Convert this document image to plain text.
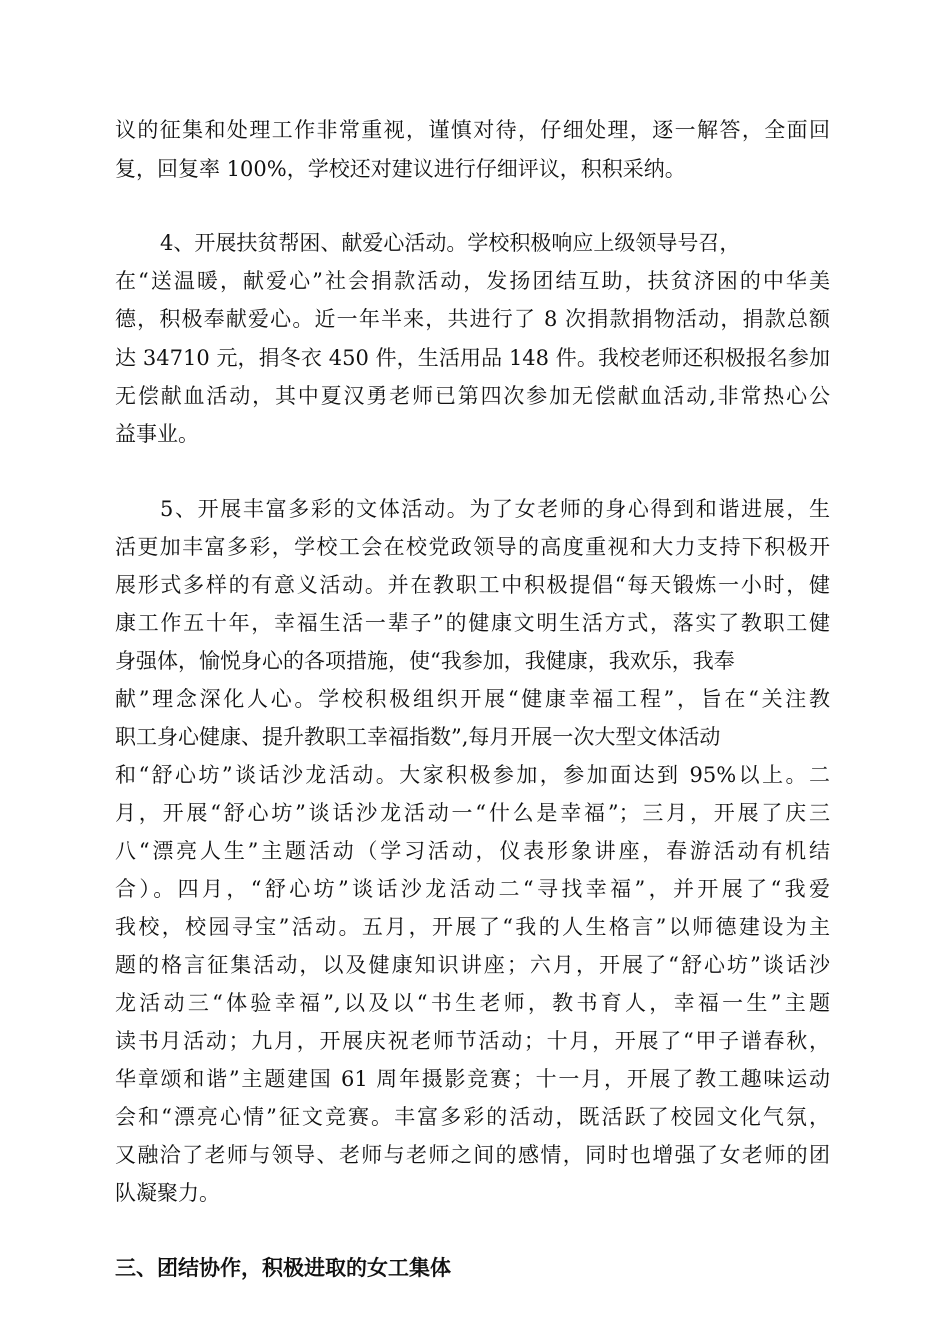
议的征集和处理工作非常重视，谨慎对待，仔细处理，逐一解答，全面回
复，回复率 100%，学校还对建议进行仔细评议，积积采纳。
4、开展扶贫帮困、献爱心活动。学校积极响应上级领导号召，
在“送温暖，献爱心”社会捐款活动，发扬团结互助，扶贫济困的中华美
德，积极奉献爱心。近一年半来，共进行了 8 次捐款捐物活动，捐款总额
达 34710 元，捐冬衣 450 件，生活用品 148 件。我校老师还积极报名参加
无偿献血活动，其中夏汉勇老师已第四次参加无偿献血活动,非常热心公
益事业。
5、开展丰富多彩的文体活动。为了女老师的身心得到和谐进展，生
活更加丰富多彩，学校工会在校党政领导的高度重视和大力支持下积极开
展形式多样的有意义活动。并在教职工中积极提倡“每天锻炼一小时，健
康工作五十年，幸福生活一辈子”的健康文明生活方式，落实了教职工健
身强体，愉悦身心的各项措施，使“我参加，我健康，我欢乐，我奉
献”理念深化人心。学校积极组织开展“健康幸福工程”，旨在“关注教
职工身心健康、提升教职工幸福指数”,每月开展一次大型文体活动
和“舒心坊”谈话沙龙活动。大家积极参加，参加面达到 95%以上。二
月，开展“舒心坊”谈话沙龙活动一“什么是幸福”；三月，开展了庆三
八“漂亮人生”主题活动（学习活动，仪表形象讲座，春游活动有机结
合）。四月，“舒心坊”谈话沙龙活动二“寻找幸福”，并开展了“我爱
我校，校园寻宝”活动。五月，开展了“我的人生格言”以师德建设为主
题的格言征集活动，以及健康知识讲座；六月，开展了“舒心坊”谈话沙
龙活动三“体验幸福”,以及以“书生老师，教书育人，幸福一生”主题
读书月活动；九月，开展庆祝老师节活动；十月，开展了“甲子谱春秋，
华章颂和谐”主题建国 61 周年摄影竞赛；十一月，开展了教工趣味运动
会和“漂亮心情”征文竞赛。丰富多彩的活动，既活跃了校园文化气氛，
又融洽了老师与领导、老师与老师之间的感情，同时也增强了女老师的团
队凝聚力。
三、团结协作，积极进取的女工集体
